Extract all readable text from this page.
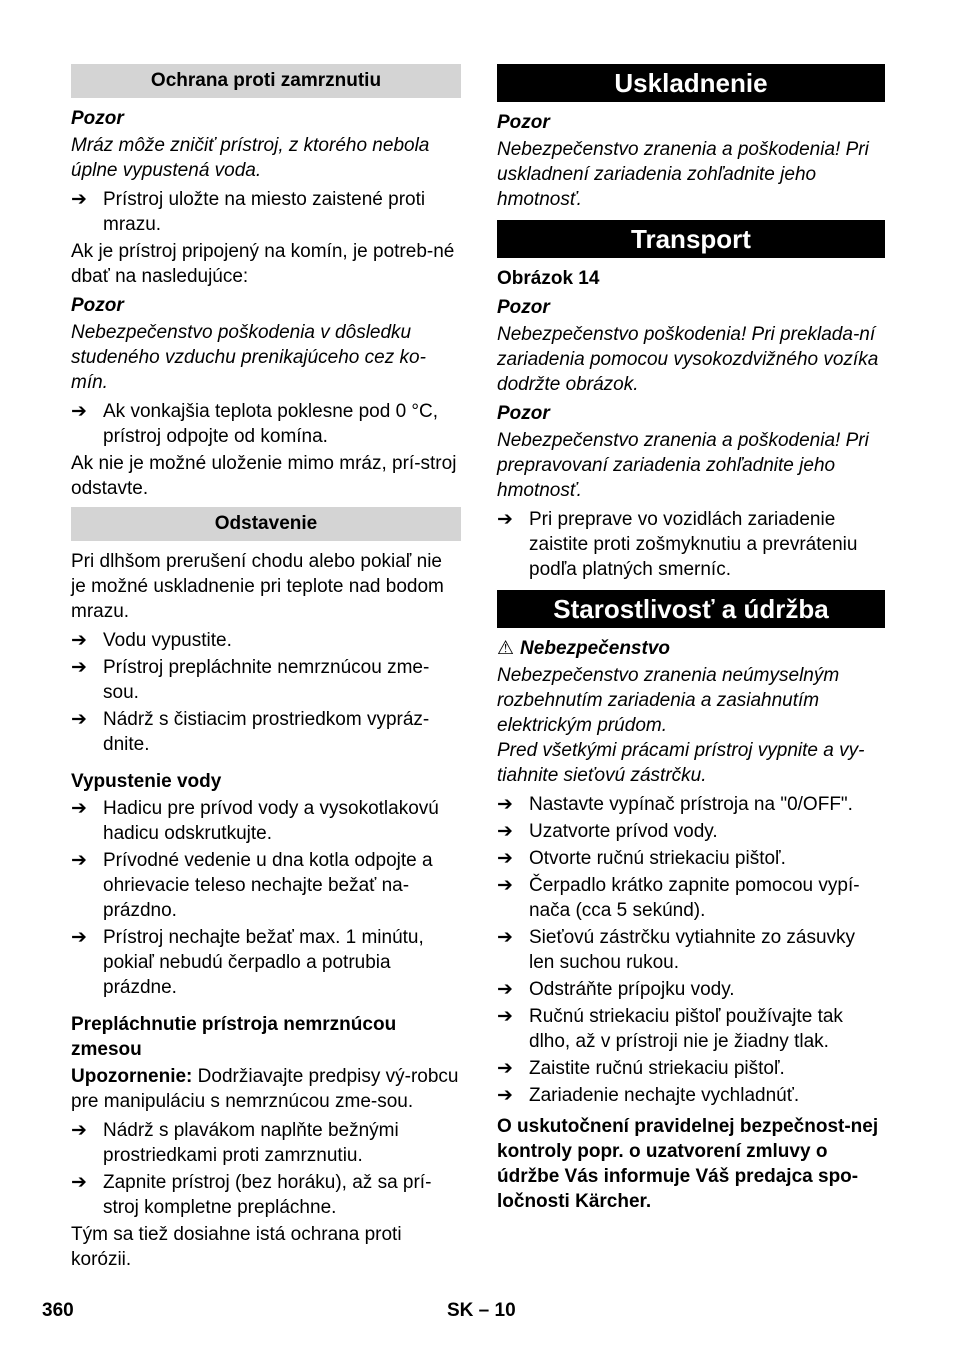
Ochrana proti zamrznutiu
Pozor

Mráz môže zničiť prístroj, z ktorého nebola úplne vypustená voda.

➔ Prístroj uložte na miesto zaistené proti mrazu.

Ak je prístroj pripojený na komín, je potreb-né dbať na nasledujúce:

Pozor

Nebezpečenstvo poškodenia v dôsledku studeného vzduchu prenikajúceho cez ko-mín.

➔ Ak vonkajšia teplota poklesne pod 0 °C, prístroj odpojte od komína.

Ak nie je možné uloženie mimo mráz, prí-stroj odstavte.

Odstavenie

Pri dlhšom prerušení chodu alebo pokiaľ nie je možné uskladnenie pri teplote nad bodom mrazu.

➔ Vodu vypustite.
➔ Prístroj prepláchnite nemrznúcou zme-sou.
➔ Nádrž s čistiacim prostriedkom vypráz-dnite.
Vypustenie vody
➔ Hadicu pre prívod vody a vysokotlakovú hadicu odskrutkujte.
➔ Prívodné vedenie u dna kotla odpojte a ohrievacie teleso nechajte bežať na-prázdno.
➔ Prístroj nechajte bežať max. 1 minútu, pokiaľ nebudú čerpadlo a potrubia prázdne.
Prepláchnutie prístroja nemrznúcou zmesou

Upozornenie: Dodržiavajte predpisy vý-robcu pre manipuláciu s nemrznúcou zme-sou.

➔ Nádrž s plavákom naplňte bežnými prostriedkami proti zamrznutiu.
➔ Zapnite prístroj (bez horáku), až sa prí-stroj kompletne prepláchne.

Tým sa tiež dosiahne istá ochrana proti korózii.

Uskladnenie
Pozor

Nebezpečenstvo zranenia a poškodenia! Pri uskladnení zariadenia zohľadnite jeho hmotnosť.

Transport
Obrázok 14
Pozor

Nebezpečenstvo poškodenia! Pri preklada-ní zariadenia pomocou vysokozdvižného vozíka dodržte obrázok.

Pozor

Nebezpečenstvo zranenia a poškodenia! Pri prepravovaní zariadenia zohľadnite jeho hmotnosť.

➔ Pri preprave vo vozidlách zariadenie zaistite proti zošmyknutiu a prevráteniu podľa platných smerníc.
Starostlivosť a údržba
⚠ Nebezpečenstvo

Nebezpečenstvo zranenia neúmyselným rozbehnutím zariadenia a zasiahnutím elektrickým prúdom.

Pred všetkými prácami prístroj vypnite a vy-tiahnite sieťovú zástrčku.

➔ Nastavte vypínač prístroja na "0/OFF".
➔ Uzatvorte prívod vody.
➔ Otvorte ručnú striekaciu pištoľ.
➔ Čerpadlo krátko zapnite pomocou vypí-nača (cca 5 sekúnd).
➔ Sieťovú zástrčku vytiahnite zo zásuvky len suchou rukou.
➔ Odstráňte prípojku vody.
➔ Ručnú striekaciu pištoľ používajte tak dlho, až v prístroji nie je žiadny tlak.
➔ Zaistite ručnú striekaciu pištoľ.
➔ Zariadenie nechajte vychladnúť.

O uskutočnení pravidelnej bezpečnost-nej kontroly popr. o uzatvorení zmluvy o údržbe Vás informuje Váš predajca spo-ločnosti Kärcher.

360	SK – 10
